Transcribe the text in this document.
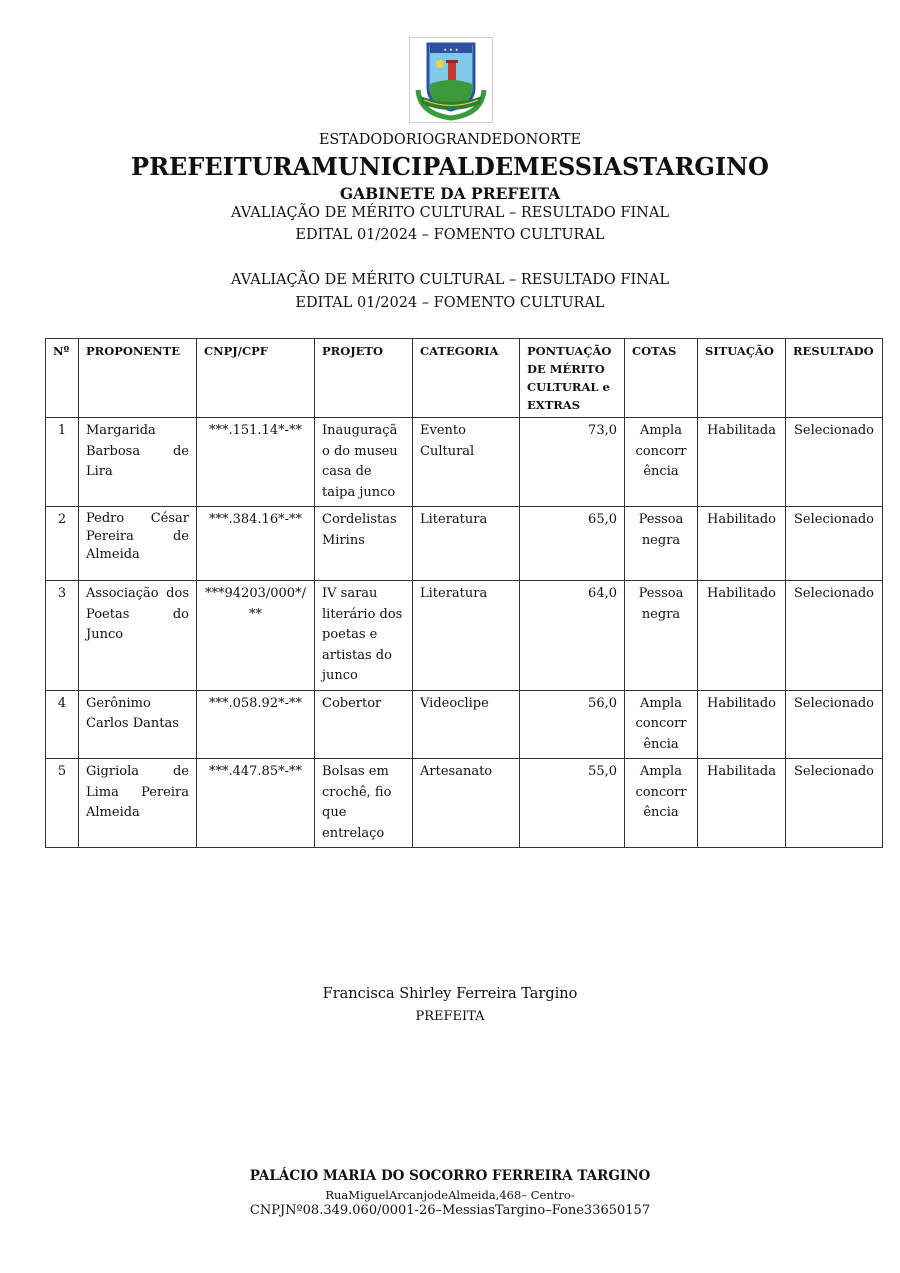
✶ ✶ ✶
ESTADODORIOGRANDEDONORTE
PREFEITURAMUNICIPALDEMESSIASTARGINO
GABINETE DA PREFEITA
AVALIAÇÃO DE MÉRITO CULTURAL – RESULTADO FINAL
EDITAL 01/2024 – FOMENTO CULTURAL
AVALIAÇÃO DE MÉRITO CULTURAL – RESULTADO FINAL
EDITAL 01/2024 – FOMENTO CULTURAL
Nº	PROPONENTE	CNPJ/CPF	PROJETO	CATEGORIA	PONTUAÇÃO DE MÉRITO CULTURAL e EXTRAS	COTAS	SITUAÇÃO	RESULTADO
1	Margarida Barbosa de Lira	***.151.14*-**	Inauguração do museu casa de taipa junco	Evento Cultural	73,0	Ampla concorrência	Habilitada	Selecionado
2	Pedro César Pereira de Almeida	***.384.16*-**	Cordelistas Mirins	Literatura	65,0	Pessoa negra	Habilitado	Selecionado
3	Associação dos Poetas do Junco	***94203/000*/**	IV sarau literário dos poetas e artistas do junco	Literatura	64,0	Pessoa negra	Habilitado	Selecionado
4	Gerônimo Carlos Dantas	***.058.92*-**	Cobertor	Videoclipe	56,0	Ampla concorrência	Habilitado	Selecionado
5	Gigriola de Lima Pereira Almeida	***.447.85*-**	Bolsas em crochê, fio que entrelaço	Artesanato	55,0	Ampla concorrência	Habilitada	Selecionado
Francisca Shirley Ferreira Targino
PREFEITA
PALÁCIO MARIA DO SOCORRO FERREIRA TARGINO
RuaMiguelArcanjodeAlmeida,468– Centro-
CNPJNº08.349.060/0001-26–MessiasTargino–Fone33650157
